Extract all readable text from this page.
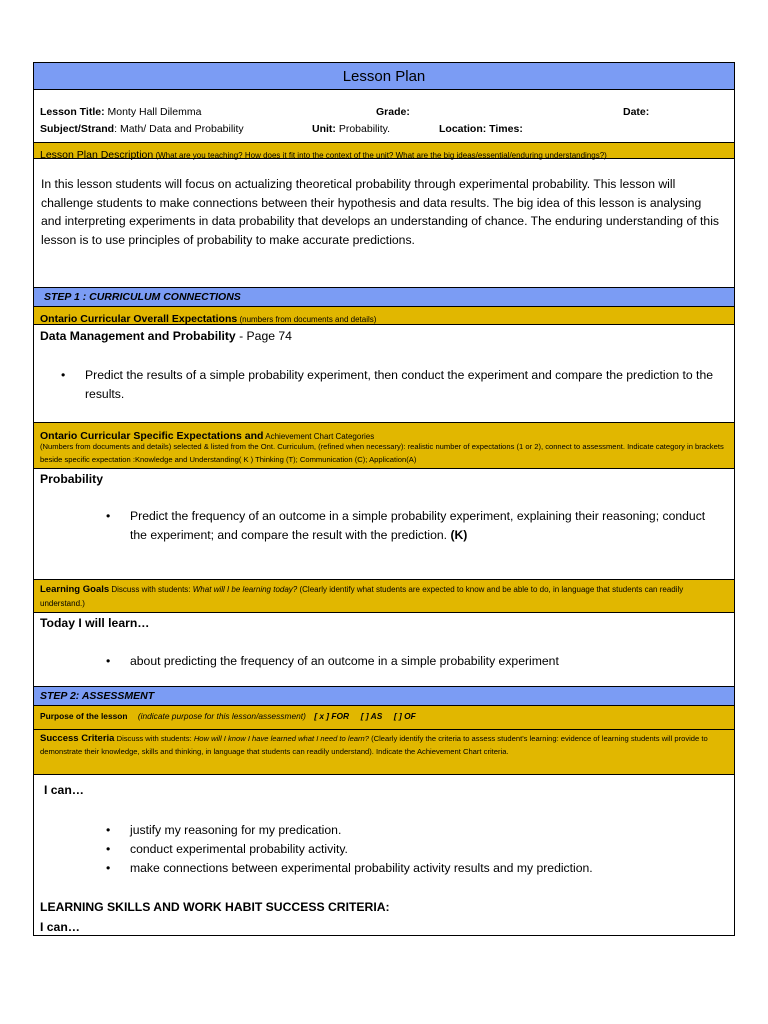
Lesson Plan
Lesson Title: Monty Hall Dilemma	Grade:	Date:
Subject/Strand: Math/ Data and Probability	Unit: Probability.	Location: Times:
Lesson Plan Description (What are you teaching? How does it fit into the context of the unit? What are the big ideas/essential/enduring understandings?)
In this lesson students will focus on actualizing theoretical probability through experimental probability. This lesson will challenge students to make connections between their hypothesis and data results. The big idea of this lesson is analysing and interpreting experiments in data probability that develops an understanding of chance. The enduring understanding of this lesson is to use principles of probability to make accurate predictions.
STEP 1 : CURRICULUM CONNECTIONS
Ontario Curricular Overall Expectations (numbers from documents and details)
Data Management and Probability - Page 74
• Predict the results of a simple probability experiment, then conduct the experiment and compare the prediction to the results.
Ontario Curricular Specific Expectations and Achievement Chart Categories
(Numbers from documents and details) selected & listed from the Ont. Curriculum, (refined when necessary): realistic number of expectations (1 or 2), connect to assessment. Indicate category in brackets beside specific expectation :Knowledge and Understanding( K ) Thinking (T); Communication (C); Application(A)
Probability
• Predict the frequency of an outcome in a simple probability experiment, explaining their reasoning; conduct the experiment; and compare the result with the prediction. (K)
Learning Goals Discuss with students: What will I be learning today? (Clearly identify what students are expected to know and be able to do, in language that students can readily understand.)
Today I will learn…
• about predicting the frequency of an outcome in a simple probability experiment
STEP 2: ASSESSMENT
Purpose of the lesson (indicate purpose for this lesson/assessment) [ x ] FOR     [ ] AS     [ ] OF
Success Criteria Discuss with students: How will I know I have learned what I need to learn? (Clearly identify the criteria to assess student's learning: evidence of learning students will provide to demonstrate their knowledge, skills and thinking, in language that students can readily understand). Indicate the Achievement Chart criteria.
I can…
• justify my reasoning for my predication.
• conduct experimental probability activity.
• make connections between experimental probability activity results and my prediction.
LEARNING SKILLS AND WORK HABIT SUCCESS CRITERIA:
I can…
